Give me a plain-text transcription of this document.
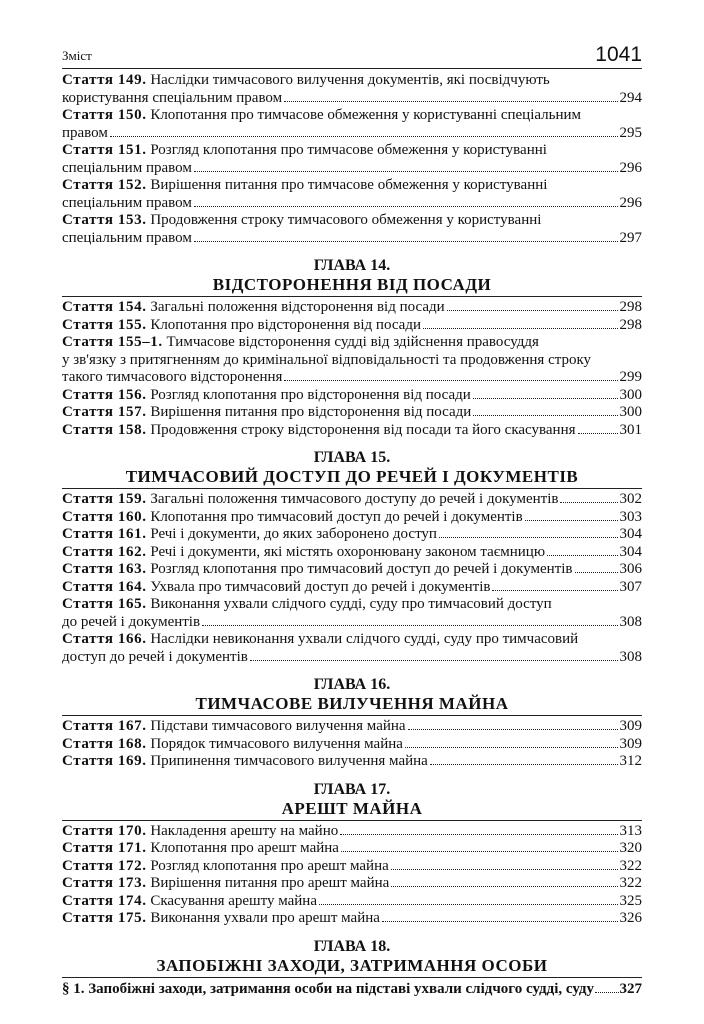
Зміст	1041
Стаття 149. Наслідки тимчасового вилучення документів, які посвідчують
користування спеціальним правом	294
Стаття 150. Клопотання про тимчасове обмеження у користуванні спеціальним
правом	295
Стаття 151. Розгляд клопотання про тимчасове обмеження у користуванні
спеціальним правом	296
Стаття 152. Вирішення питання про тимчасове обмеження у користуванні
спеціальним правом	296
Стаття 153. Продовження строку тимчасового обмеження у користуванні
спеціальним правом	297
ГЛАВА 14.
ВІДСТОРОНЕННЯ ВІД ПОСАДИ
Стаття 154. Загальні положення відсторонення від посади	298
Стаття 155. Клопотання про відсторонення від посади	298
Стаття 155–1. Тимчасове відсторонення судді від здійснення правосуддя
у зв'язку з притягненням до кримінальної відповідальності та продовження строку
такого тимчасового відсторонення	299
Стаття 156. Розгляд клопотання про відсторонення від посади	300
Стаття 157. Вирішення питання про відсторонення від посади	300
Стаття 158. Продовження строку відсторонення від посади та його скасування	301
ГЛАВА 15.
ТИМЧАСОВИЙ ДОСТУП ДО РЕЧЕЙ І ДОКУМЕНТІВ
Стаття 159. Загальні положення тимчасового доступу до речей і документів	302
Стаття 160. Клопотання про тимчасовий доступ до речей і документів	303
Стаття 161. Речі і документи, до яких заборонено доступ	304
Стаття 162. Речі і документи, які містять охоронювану законом таємницю	304
Стаття 163. Розгляд клопотання про тимчасовий доступ до речей і документів	306
Стаття 164. Ухвала про тимчасовий доступ до речей і документів	307
Стаття 165. Виконання ухвали слідчого судді, суду про тимчасовий доступ
до речей і документів	308
Стаття 166. Наслідки невиконання ухвали слідчого судді, суду про тимчасовий
доступ до речей і документів	308
ГЛАВА 16.
ТИМЧАСОВЕ ВИЛУЧЕННЯ МАЙНА
Стаття 167. Підстави тимчасового вилучення майна	309
Стаття 168. Порядок тимчасового вилучення майна	309
Стаття 169. Припинення тимчасового вилучення майна	312
ГЛАВА 17.
АРЕШТ МАЙНА
Стаття 170. Накладення арешту на майно	313
Стаття 171. Клопотання про арешт майна	320
Стаття 172. Розгляд клопотання про арешт майна	322
Стаття 173. Вирішення питання про арешт майна	322
Стаття 174. Скасування арешту майна	325
Стаття 175. Виконання ухвали про арешт майна	326
ГЛАВА 18.
ЗАПОБІЖНІ ЗАХОДИ, ЗАТРИМАННЯ ОСОБИ
§ 1. Запобіжні заходи, затримання особи на підставі ухвали слідчого судді, суду 327
